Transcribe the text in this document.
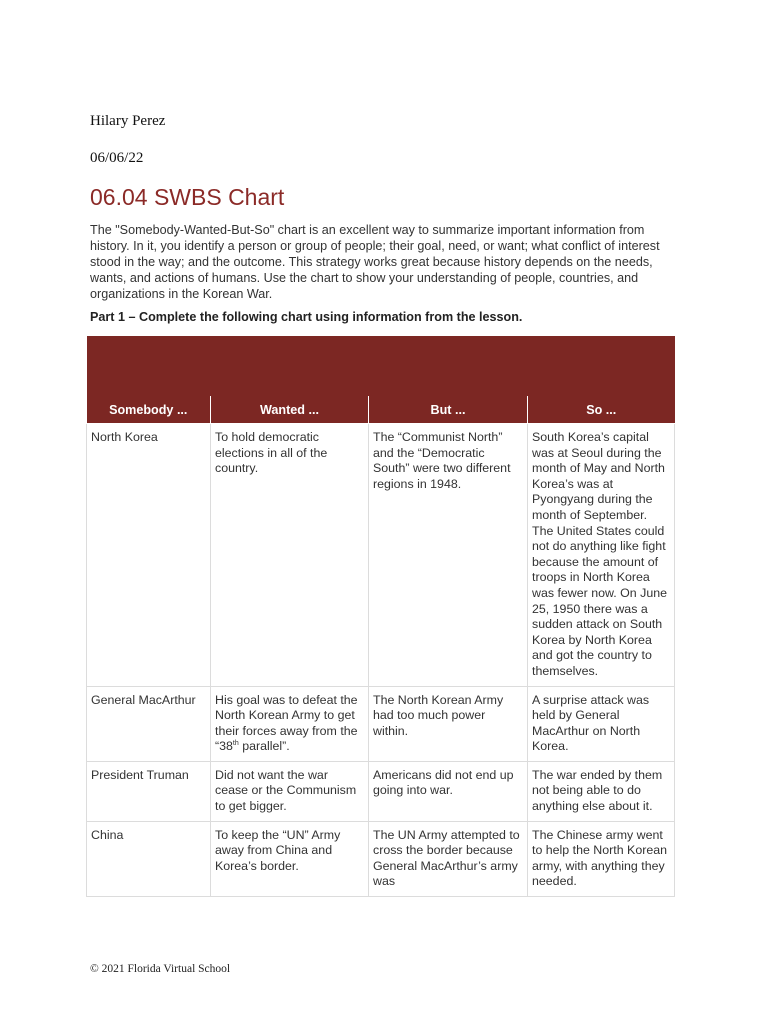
Hilary Perez
06/06/22
06.04 SWBS Chart

The "Somebody-Wanted-But-So" chart is an excellent way to summarize important information from history. In it, you identify a person or group of people; their goal, need, or want; what conflict of interest stood in the way; and the outcome. This strategy works great because history depends on the needs, wants, and actions of humans. Use the chart to show your understanding of people, countries, and organizations in the Korean War.

Part 1 – Complete the following chart using information from the lesson.

Somebody ...	Wanted ...	But ...	So ...
North Korea	To hold democratic elections in all of the country.	The “Communist North” and the “Democratic South” were two different regions in 1948.	South Korea’s capital was at Seoul during the month of May and North Korea’s was at Pyongyang during the month of September. The United States could not do anything like fight because the amount of troops in North Korea was fewer now. On June 25, 1950 there was a sudden attack on South Korea by North Korea and got the country to themselves.
General MacArthur	His goal was to defeat the North Korean Army to get their forces away from the “38th parallel”.	The North Korean Army had too much power within.	A surprise attack was held by General MacArthur on North Korea.
President Truman	Did not want the war cease or the Communism to get bigger.	Americans did not end up going into war.	The war ended by them not being able to do anything else about it.
China	To keep the “UN” Army away from China and Korea’s border.	The UN Army attempted to cross the border because General MacArthur’s army was	The Chinese army went to help the North Korean army, with anything they needed.
© 2021 Florida Virtual School
